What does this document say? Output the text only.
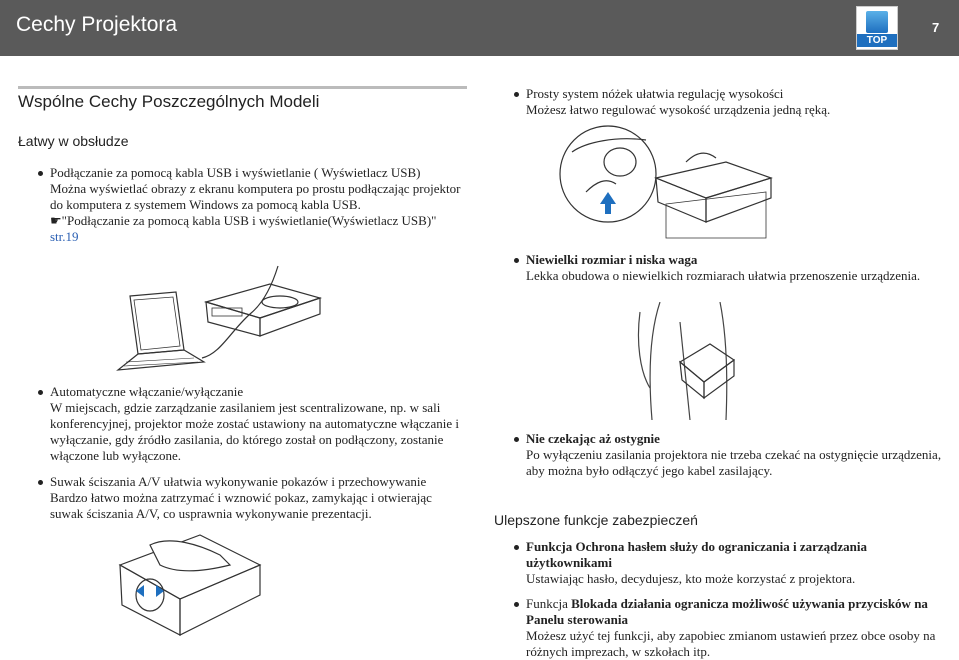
Cechy Projektora
TOP
7
Wspólne Cechy Poszczególnych Modeli
Łatwy w obsłudze
Podłączanie za pomocą kabla USB i wyświetlanie ( Wyświetlacz USB)
Można wyświetlać obrazy z ekranu komputera po prostu podłączając projektor do komputera z systemem Windows za pomocą kabla USB.
☛"Podłączanie za pomocą kabla USB i wyświetlanie(Wyświetlacz USB)" str.19
Automatyczne włączanie/wyłączanie
W miejscach, gdzie zarządzanie zasilaniem jest scentralizowane, np. w sali konferencyjnej, projektor może zostać ustawiony na automatyczne włączanie i wyłączanie, gdy źródło zasilania, do którego został on podłączony, zostanie włączone lub wyłączone.
Suwak ściszania A/V ułatwia wykonywanie pokazów i przechowywanie
Bardzo łatwo można zatrzymać i wznowić pokaz, zamykając i otwierając suwak ściszania A/V, co usprawnia wykonywanie prezentacji.
Prosty system nóżek ułatwia regulację wysokości
Możesz łatwo regulować wysokość urządzenia jedną ręką.
Niewielki rozmiar i niska waga
Lekka obudowa o niewielkich rozmiarach ułatwia przenoszenie urządzenia.
Nie czekając aż ostygnie
Po wyłączeniu zasilania projektora nie trzeba czekać na ostygnięcie urządzenia, aby można było odłączyć jego kabel zasilający.
Ulepszone funkcje zabezpieczeń
Funkcja Ochrona hasłem służy do ograniczania i zarządzania użytkownikami
Ustawiając hasło, decydujesz, kto może korzystać z projektora.
Funkcja Blokada działania ogranicza możliwość używania przycisków na Panelu sterowania
Możesz użyć tej funkcji, aby zapobiec zmianom ustawień przez obce osoby na różnych imprezach, w szkołach itp.
